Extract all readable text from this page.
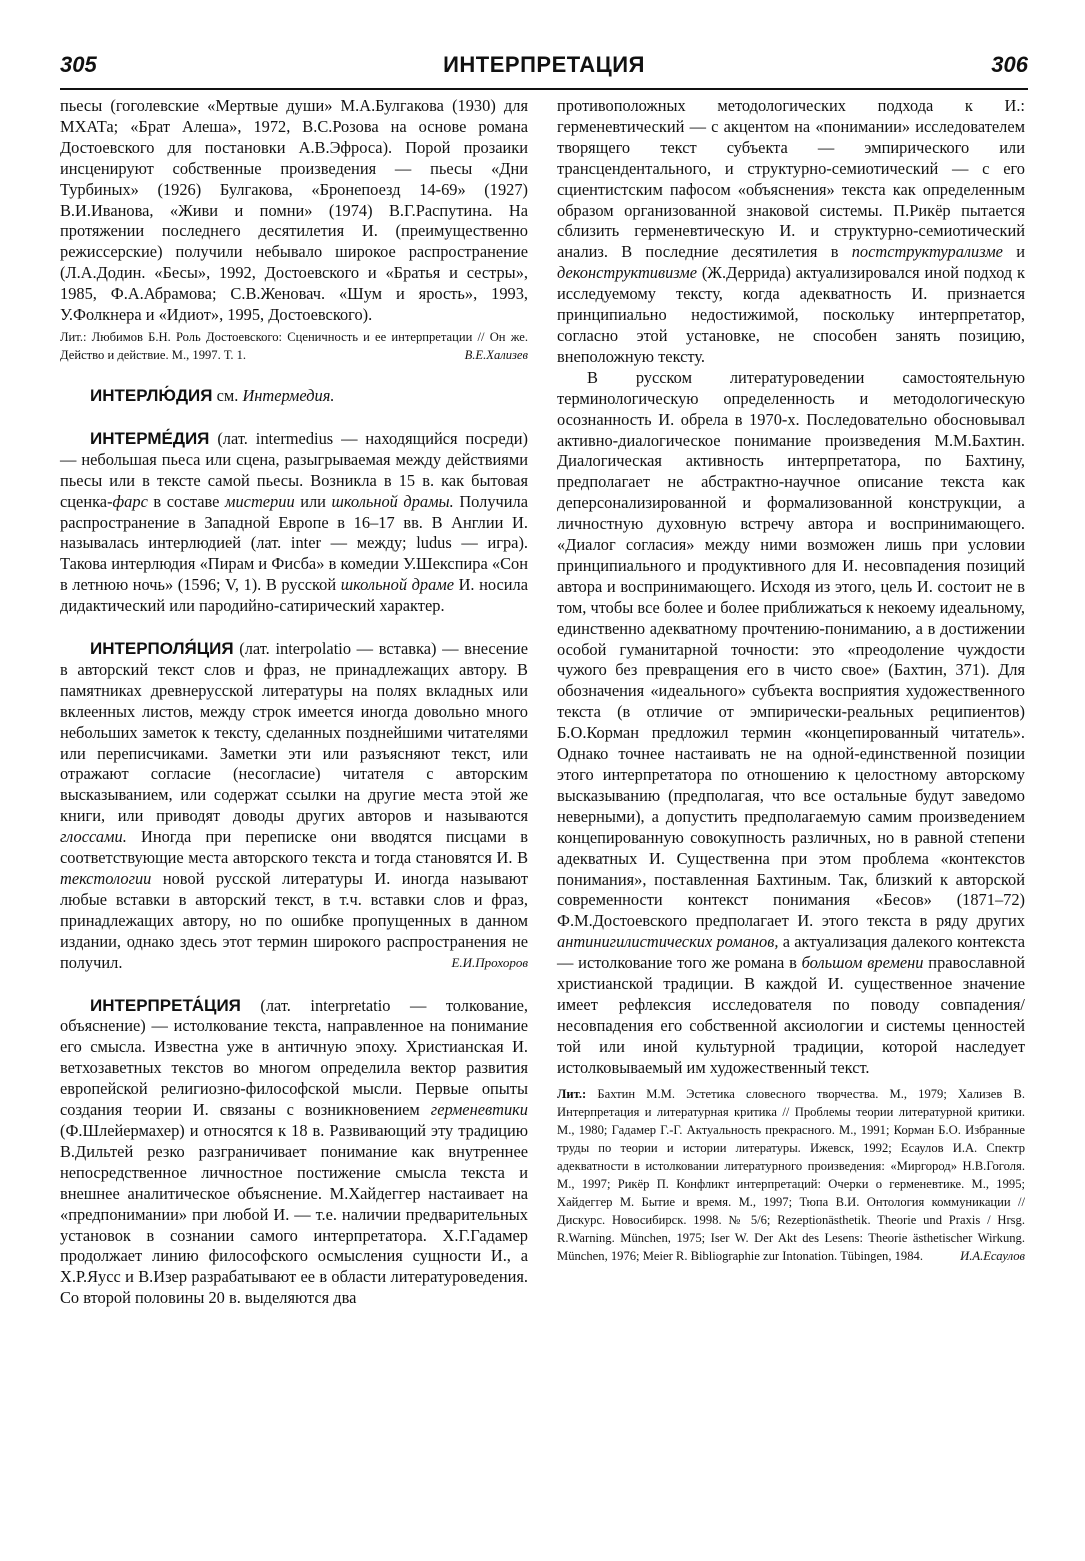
305	ИНТЕРПРЕТАЦИЯ	306

пьесы (гоголевские «Мертвые души» М.А.Булгакова (1930) для МХАТа; «Брат Алеша», 1972, В.С.Розова на основе романа Достоевского для постановки А.В.Эфроса). Порой прозаики инсценируют собственные произведения — пьесы «Дни Турбиных» (1926) Булгакова, «Бронепоезд 14-69» (1927) В.И.Иванова, «Живи и помни» (1974) В.Г.Распутина. На протяжении последнего десятилетия И. (преимущественно режиссерские) получили небывало широкое распространение (Л.А.Додин. «Бесы», 1992, Достоевского и «Братья и сестры», 1985, Ф.А.Абрамова; С.В.Женовач. «Шум и ярость», 1993, У.Фолкнера и «Идиот», 1995, Достоевского).

Лит.: Любимов Б.Н. Роль Достоевского: Сценичность и ее интерпретации // Он же. Действо и действие. М., 1997. Т. 1.	В.Е.Хализев

ИНТЕРЛЮ́ДИЯ см. Интермедия.

ИНТЕРМЕ́ДИЯ (лат. intermedius — находящийся посреди) — небольшая пьеса или сцена, разыгрываемая между действиями пьесы или в тексте самой пьесы. Возникла в 15 в. как бытовая сценка-фарс в составе мистерии или школьной драмы. Получила распространение в Западной Европе в 16–17 вв. В Англии И. называлась интерлюдией (лат. inter — между; ludus — игра). Такова интерлюдия «Пирам и Фисба» в комедии У.Шекспира «Сон в летнюю ночь» (1596; V, 1). В русской школьной драме И. носила дидактический или пародийно-сатирический характер.

ИНТЕРПОЛЯ́ЦИЯ (лат. interpolatio — вставка) — внесение в авторский текст слов и фраз, не принадлежащих автору. В памятниках древнерусской литературы на полях вкладных или вклеенных листов, между строк имеется иногда довольно много небольших заметок к тексту, сделанных позднейшими читателями или переписчиками. Заметки эти или разъясняют текст, или отражают согласие (несогласие) читателя с авторским высказыванием, или содержат ссылки на другие места этой же книги, или приводят доводы других авторов и называются глоссами. Иногда при переписке они вводятся писцами в соответствующие места авторского текста и тогда становятся И. В текстологии новой русской литературы И. иногда называют любые вставки в авторский текст, в т.ч. вставки слов и фраз, принадлежащих автору, но по ошибке пропущенных в данном издании, однако здесь этот термин широкого распространения не получил.	Е.И.Прохоров

ИНТЕРПРЕТА́ЦИЯ (лат. interpretatio — толкование, объяснение) — истолкование текста, направленное на понимание его смысла. Известна уже в античную эпоху. Христианская И. ветхозаветных текстов во многом определила вектор развития европейской религиозно-философской мысли. Первые опыты создания теории И. связаны с возникновением герменевтики (Ф.Шлейермахер) и относятся к 18 в. Развивающий эту традицию В.Дильтей резко разграничивает понимание как внутреннее непосредственное личностное постижение смысла текста и внешнее аналитическое объяснение. М.Хайдеггер настаивает на «предпонимании» при любой И. — т.е. наличии предварительных установок в сознании самого интерпретатора. Х.Г.Гадамер продолжает линию философского осмысления сущности И., а Х.Р.Яусс и В.Изер разрабатывают ее в области литературоведения. Со второй половины 20 в. выделяются два

противоположных методологических подхода к И.: герменевтический — с акцентом на «понимании» исследователем творящего текст субъекта — эмпирического или трансцендентального, и структурно-семиотический — с его сциентистским пафосом «объяснения» текста как определенным образом организованной знаковой системы. П.Рикёр пытается сблизить герменевтическую И. и структурно-семиотический анализ. В последние десятилетия в постструктурализме и деконструктивизме (Ж.Деррида) актуализировался иной подход к исследуемому тексту, когда адекватность И. признается принципиально недостижимой, поскольку интерпретатор, согласно этой установке, не способен занять позицию, внеположную тексту.

В русском литературоведении самостоятельную терминологическую определенность и методологическую осознанность И. обрела в 1970-х. Последовательно обосновывал активно-диалогическое понимание произведения М.М.Бахтин. Диалогическая активность интерпретатора, по Бахтину, предполагает не абстрактно-научное описание текста как деперсонализированной и формализованной конструкции, а личностную духовную встречу автора и воспринимающего. «Диалог согласия» между ними возможен лишь при условии принципиального и продуктивного для И. несовпадения позиций автора и воспринимающего. Исходя из этого, цель И. состоит не в том, чтобы все более и более приближаться к некоему идеальному, единственно адекватному прочтению-пониманию, а в достижении особой гуманитарной точности: это «преодоление чуждости чужого без превращения его в чисто свое» (Бахтин, 371). Для обозначения «идеального» субъекта восприятия художественного текста (в отличие от эмпирически-реальных реципиентов) Б.О.Корман предложил термин «концепированный читатель». Однако точнее настаивать не на одной-единственной позиции этого интерпретатора по отношению к целостному авторскому высказыванию (предполагая, что все остальные будут заведомо неверными), а допустить предполагаемую самим произведением концепированную совокупность различных, но в равной степени адекватных И. Существенна при этом проблема «контекстов понимания», поставленная Бахтиным. Так, близкий к авторской современности контекст понимания «Бесов» (1871–72) Ф.М.Достоевского предполагает И. этого текста в ряду других антинигилистических романов, а актуализация далекого контекста — истолкование того же романа в большом времени православной христианской традиции. В каждой И. существенное значение имеет рефлексия исследователя по поводу совпадения/несовпадения его собственной аксиологии и системы ценностей той или иной культурной традиции, которой наследует истолковываемый им художественный текст.

Лит.: Бахтин М.М. Эстетика словесного творчества. М., 1979; Хализев В. Интерпретация и литературная критика // Проблемы теории литературной критики. М., 1980; Гадамер Г.-Г. Актуальность прекрасного. М., 1991; Корман Б.О. Избранные труды по теории и истории литературы. Ижевск, 1992; Есаулов И.А. Спектр адекватности в истолковании литературного произведения: «Миргород» Н.В.Гоголя. М., 1997; Рикёр П. Конфликт интерпретаций: Очерки о герменевтике. М., 1995; Хайдеггер М. Бытие и время. М., 1997; Тюпа В.И. Онтология коммуникации // Дискурс. Новосибирск. 1998. № 5/6; Rezeptionästhetik. Theorie und Praxis / Hrsg. R.Warning. München, 1975; Iser W. Der Akt des Lesens: Theorie ästhetischer Wirkung. München, 1976; Meier R. Bibliographie zur Intonation. Tübingen, 1984.	И.А.Есаулов
